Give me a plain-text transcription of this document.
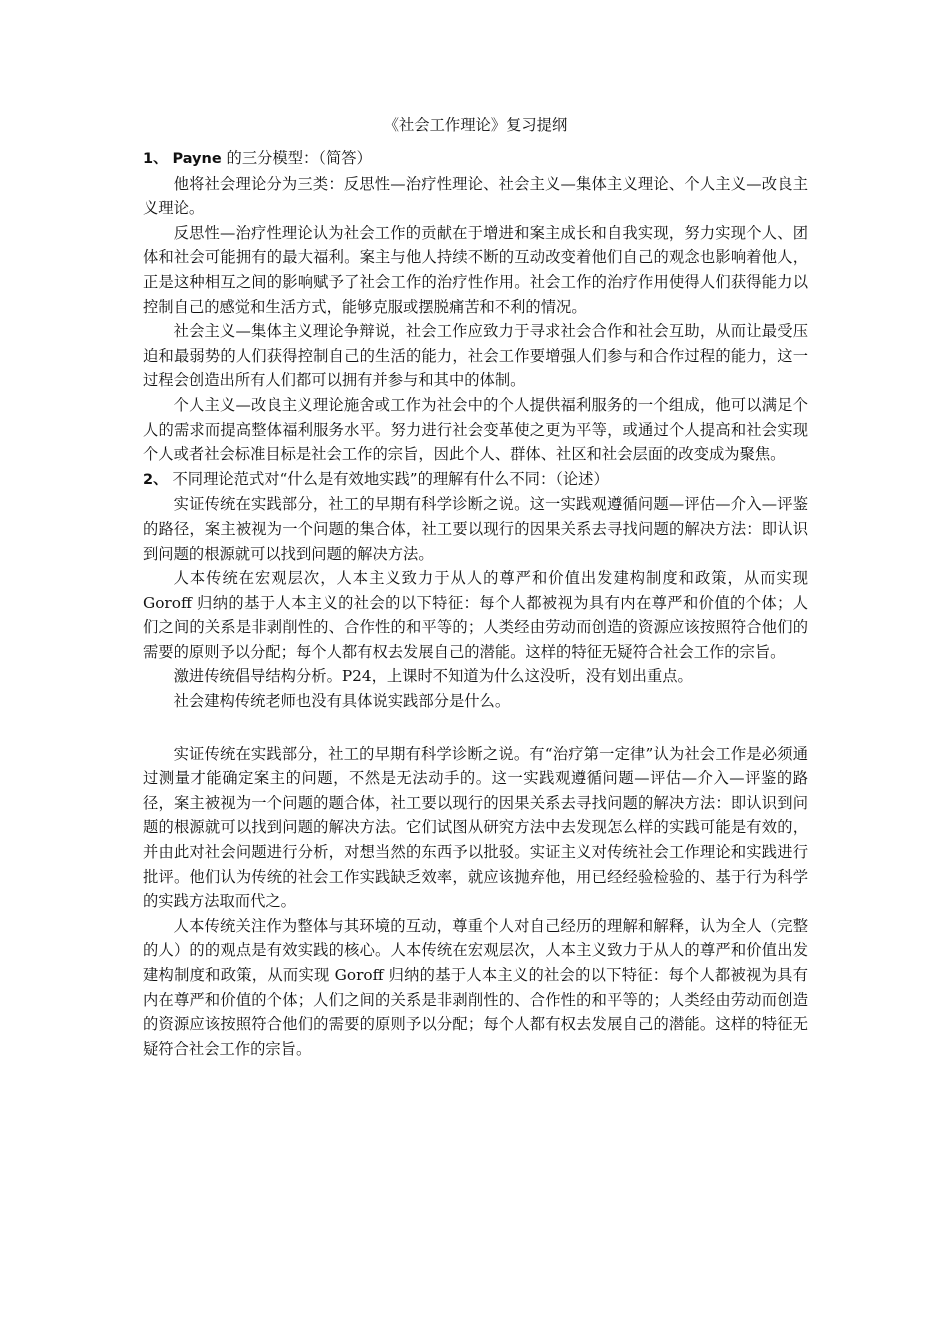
《社会工作理论》复习提纲

1、 Payne 的三分模型：（简答）

他将社会理论分为三类：反思性—治疗性理论、社会主义—集体主义理论、个人主义—改良主义理论。

反思性—治疗性理论认为社会工作的贡献在于增进和案主成长和自我实现，努力实现个人、团体和社会可能拥有的最大福利。案主与他人持续不断的互动改变着他们自己的观念也影响着他人，正是这种相互之间的影响赋予了社会工作的治疗性作用。社会工作的治疗作用使得人们获得能力以控制自己的感觉和生活方式，能够克服或摆脱痛苦和不利的情况。

社会主义—集体主义理论争辩说，社会工作应致力于寻求社会合作和社会互助，从而让最受压迫和最弱势的人们获得控制自己的生活的能力，社会工作要增强人们参与和合作过程的能力，这一过程会创造出所有人们都可以拥有并参与和其中的体制。

个人主义—改良主义理论施舍或工作为社会中的个人提供福利服务的一个组成，他可以满足个人的需求而提高整体福利服务水平。努力进行社会变革使之更为平等，或通过个人提高和社会实现个人或者社会标准目标是社会工作的宗旨，因此个人、群体、社区和社会层面的改变成为聚焦。

2、 不同理论范式对“什么是有效地实践”的理解有什么不同：（论述）

实证传统在实践部分，社工的早期有科学诊断之说。这一实践观遵循问题—评估—介入—评鉴的路径，案主被视为一个问题的集合体，社工要以现行的因果关系去寻找问题的解决方法：即认识到问题的根源就可以找到问题的解决方法。

人本传统在宏观层次，人本主义致力于从人的尊严和价值出发建构制度和政策，从而实现 Goroff 归纳的基于人本主义的社会的以下特征：每个人都被视为具有内在尊严和价值的个体；人们之间的关系是非剥削性的、合作性的和平等的；人类经由劳动而创造的资源应该按照符合他们的需要的原则予以分配；每个人都有权去发展自己的潜能。这样的特征无疑符合社会工作的宗旨。

激进传统倡导结构分析。P24，上课时不知道为什么这没听，没有划出重点。

社会建构传统老师也没有具体说实践部分是什么。

实证传统在实践部分，社工的早期有科学诊断之说。有“治疗第一定律”认为社会工作是必须通过测量才能确定案主的问题，不然是无法动手的。这一实践观遵循问题—评估—介入—评鉴的路径，案主被视为一个问题的题合体，社工要以现行的因果关系去寻找问题的解决方法：即认识到问题的根源就可以找到问题的解决方法。它们试图从研究方法中去发现怎么样的实践可能是有效的，并由此对社会问题进行分析，对想当然的东西予以批驳。实证主义对传统社会工作理论和实践进行批评。他们认为传统的社会工作实践缺乏效率，就应该抛弃他，用已经经验检验的、基于行为科学的实践方法取而代之。

人本传统关注作为整体与其环境的互动，尊重个人对自己经历的理解和解释，认为全人（完整的人）的的观点是有效实践的核心。人本传统在宏观层次，人本主义致力于从人的尊严和价值出发建构制度和政策，从而实现 Goroff 归纳的基于人本主义的社会的以下特征：每个人都被视为具有内在尊严和价值的个体；人们之间的关系是非剥削性的、合作性的和平等的；人类经由劳动而创造的资源应该按照符合他们的需要的原则予以分配；每个人都有权去发展自己的潜能。这样的特征无疑符合社会工作的宗旨。
